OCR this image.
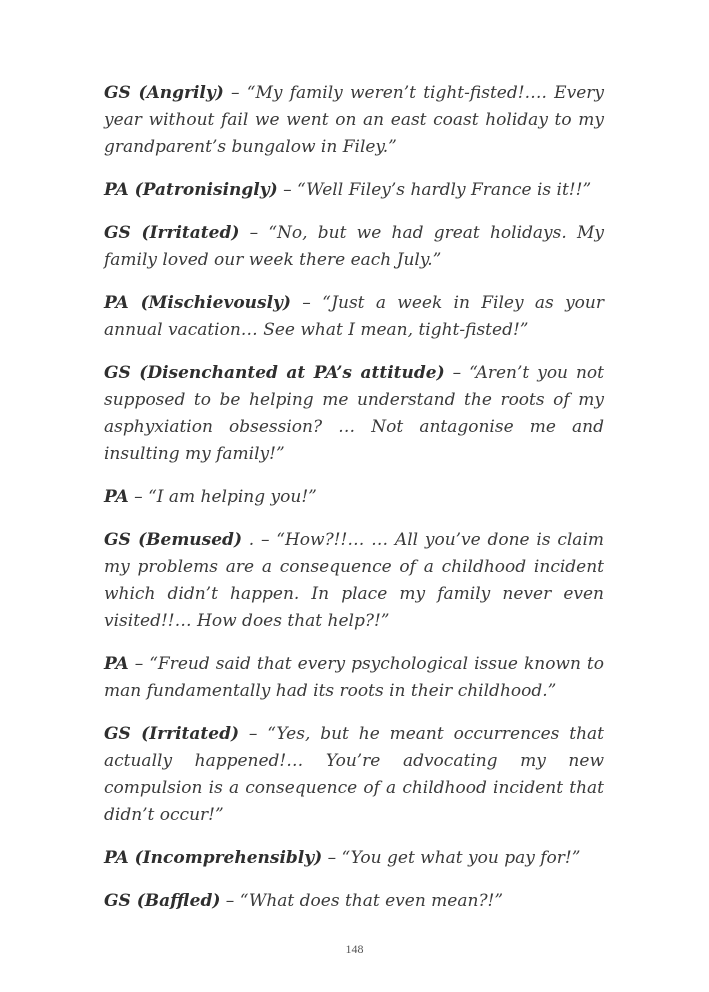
GS (Angrily) – “My family weren’t tight-fisted!…. Every year without fail we went on an east coast holiday to my grandparent’s bungalow in Filey.”

PA (Patronisingly) – “Well Filey’s hardly France is it!!”

GS (Irritated) – “No, but we had great holidays. My family loved our week there each July.”

PA (Mischievously) – “Just a week in Filey as your annual vacation… See what I mean, tight-fisted!”

GS (Disenchanted at PA’s attitude) – “Aren’t you not supposed to be helping me understand the roots of my asphyxiation obsession? … Not antagonise me and insulting my family!”

PA – “I am helping you!”

GS (Bemused) . – “How?!!… … All you’ve done is claim my problems are a consequence of a childhood incident which didn’t happen. In place my family never even visited!!… How does that help?!”

PA – “Freud said that every psychological issue known to man fundamentally had its roots in their childhood.”

GS (Irritated) – “Yes, but he meant occurrences that actually happened!… You’re advocating my new compulsion is a consequence of a childhood incident that didn’t occur!”

PA (Incomprehensibly) – “You get what you pay for!”

GS (Baffled) – “What does that even mean?!”

148
